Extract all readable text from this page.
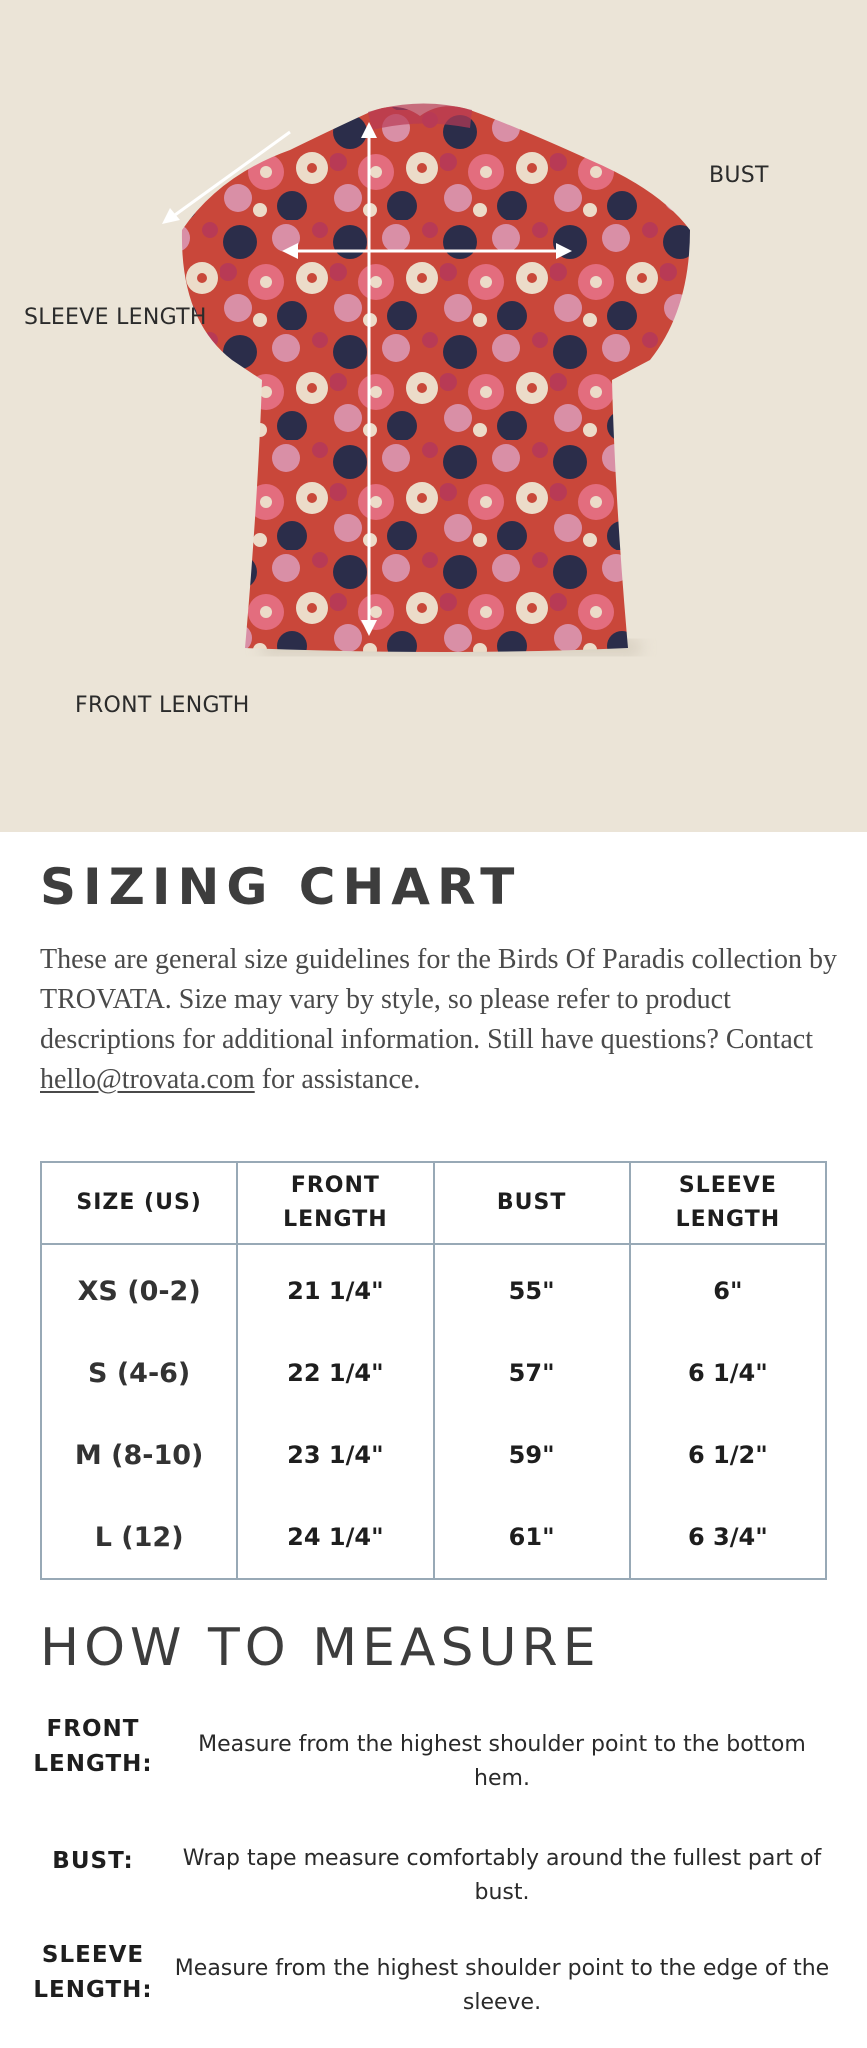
BUST
SLEEVE LENGTH
FRONT LENGTH
SIZING CHART

These are general size guidelines for the Birds Of Paradis collection by TROVATA. Size may vary by style, so please refer to product descriptions for additional information. Still have questions? Contact hello@trovata.com for assistance.

SIZE (US)	FRONT LENGTH	BUST	SLEEVE LENGTH
XS (0-2)	21 1/4"	55"	6"
S (4-6)	22 1/4"	57"	6 1/4"
M (8-10)	23 1/4"	59"	6 1/2"
L (12)	24 1/4"	61"	6 3/4"
HOW TO MEASURE
FRONT LENGTH:
Measure from the highest shoulder point to the bottom hem.
BUST:	Wrap tape measure comfortably around the fullest part of bust.
SLEEVE LENGTH:
Measure from the highest shoulder point to the edge of the sleeve.
